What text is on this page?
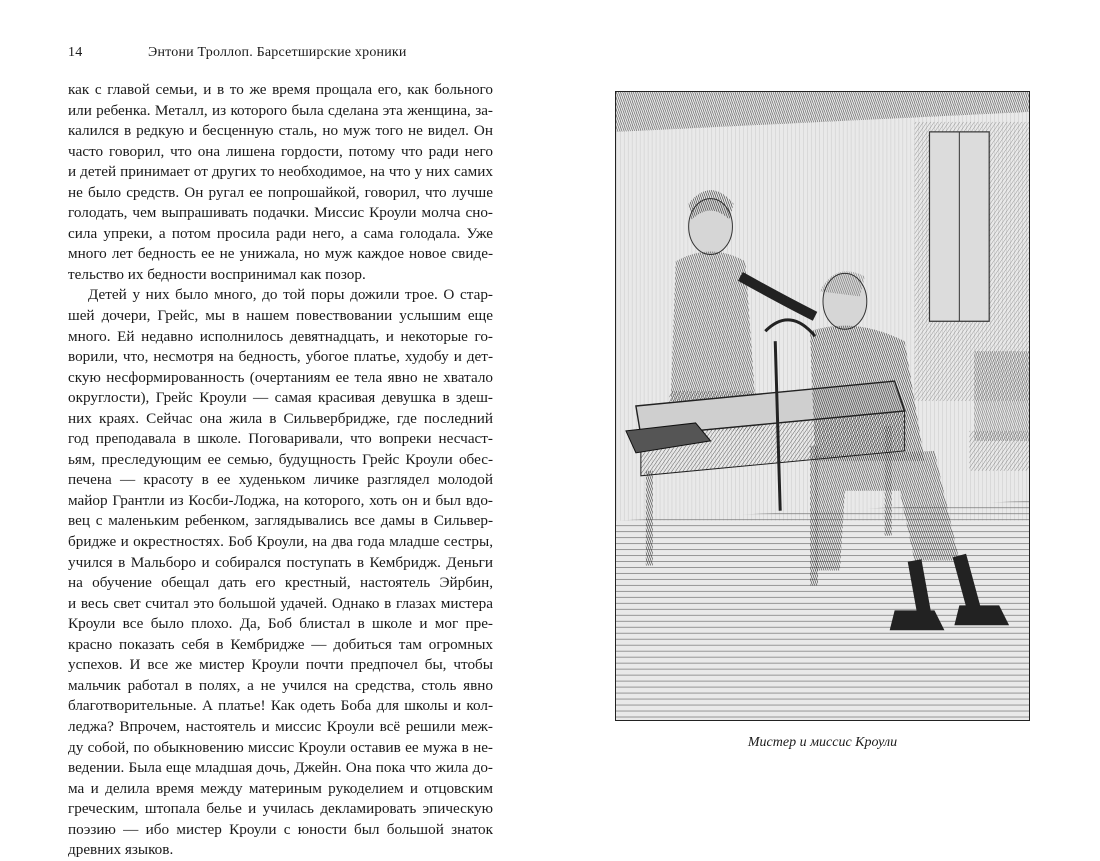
14	Энтони Троллоп. Барсетширские хроники
как с главой семьи, и в то же время прощала его, как больного
или ребенка. Металл, из которого была сделана эта женщина, за-
калился в редкую и бесценную сталь, но муж того не видел. Он
часто говорил, что она лишена гордости, потому что ради него
и детей принимает от других то необходимое, на что у них самих
не было средств. Он ругал ее попрошайкой, говорил, что лучше
голодать, чем выпрашивать подачки. Миссис Кроули молча сно-
сила упреки, а потом просила ради него, а сама голодала. Уже
много лет бедность ее не унижала, но муж каждое новое свиде-
тельство их бедности воспринимал как позор.
Детей у них было много, до той поры дожили трое. О стар-
шей дочери, Грейс, мы в нашем повествовании услышим еще
много. Ей недавно исполнилось девятнадцать, и некоторые го-
ворили, что, несмотря на бедность, убогое платье, худобу и дет-
скую несформированность (очертаниям ее тела явно не хватало
округлости), Грейс Кроули — самая красивая девушка в здеш-
них краях. Сейчас она жила в Сильвербридже, где последний
год преподавала в школе. Поговаривали, что вопреки несчаст-
ьям, преследующим ее семью, будущность Грейс Кроули обес-
печена — красоту в ее худеньком личике разглядел молодой
майор Грантли из Косби-Лоджа, на которого, хоть он и был вдо-
вец с маленьким ребенком, заглядывались все дамы в Сильвер-
бридже и окрестностях. Боб Кроули, на два года младше сестры,
учился в Мальборо и собирался поступать в Кембридж. Деньги
на обучение обещал дать его крестный, настоятель Эйрбин,
и весь свет считал это большой удачей. Однако в глазах мистера
Кроули все было плохо. Да, Боб блистал в школе и мог пре-
красно показать себя в Кембридже — добиться там огромных
успехов. И все же мистер Кроули почти предпочел бы, чтобы
мальчик работал в полях, а не учился на средства, столь явно
благотворительные. А платье! Как одеть Боба для школы и кол-
леджа? Впрочем, настоятель и миссис Кроули всё решили меж-
ду собой, по обыкновению миссис Кроули оставив ее мужа в не-
ведении. Была еще младшая дочь, Джейн. Она пока что жила до-
ма и делила время между материным рукоделием и отцовским
греческим, штопала белье и училась декламировать эпическую
поэзию — ибо мистер Кроули с юности был большой знаток
древних языков.
Мистер и миссис Кроули
